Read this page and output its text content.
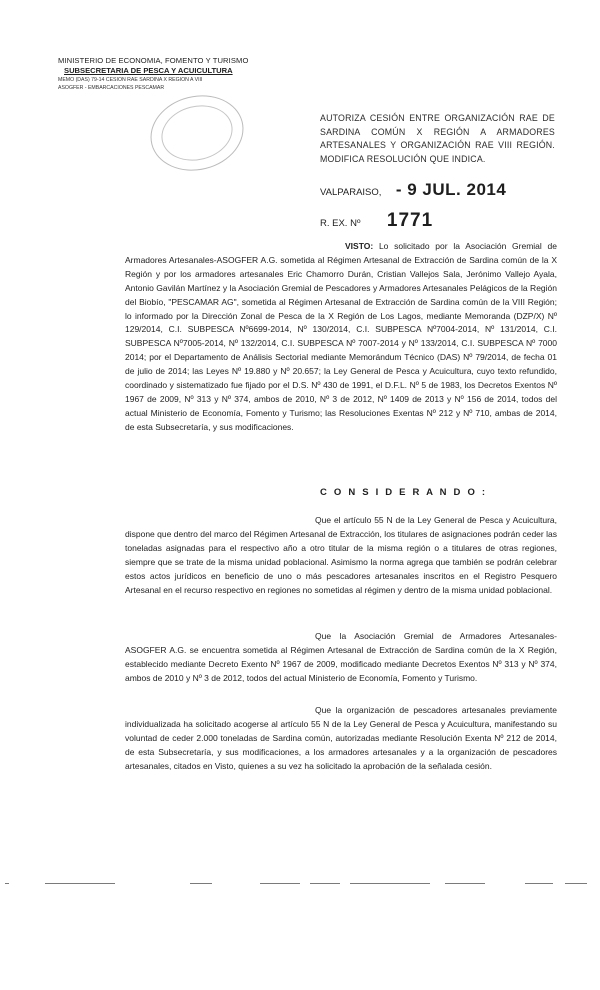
MINISTERIO DE ECONOMIA, FOMENTO Y TURISMO
SUBSECRETARIA DE PESCA Y ACUICULTURA
MEMO (DAS) 79-14 CESION RAE SARDINA X REGION A VIII
ASOGFER - EMBARCACIONES PESCAMAR
AUTORIZA CESIÓN ENTRE ORGANIZACIÓN RAE DE SARDINA COMÚN X REGIÓN A ARMADORES ARTESANALES Y ORGANIZACIÓN RAE VIII REGIÓN. MODIFICA RESOLUCIÓN QUE INDICA.
VALPARAISO, - 9 JUL. 2014
R. EX. Nº 1771
VISTO: Lo solicitado por la Asociación Gremial de Armadores Artesanales-ASOGFER A.G. sometida al Régimen Artesanal de Extracción de Sardina común de la X Región y por los armadores artesanales Eric Chamorro Durán, Cristian Vallejos Sala, Jerónimo Vallejo Ayala, Antonio Gavilán Martínez y la Asociación Gremial de Pescadores y Armadores Artesanales Pelágicos de la Región del Biobío, "PESCAMAR AG", sometida al Régimen Artesanal de Extracción de Sardina común de la VIII Región; lo informado por la Dirección Zonal de Pesca de la X Región de Los Lagos, mediante Memoranda (DZP/X) Nº 129/2014, C.I. SUBPESCA Nº6699-2014, Nº 130/2014, C.I. SUBPESCA Nº7004-2014, Nº 131/2014, C.I. SUBPESCA Nº7005-2014, Nº 132/2014, C.I. SUBPESCA Nº 7007-2014 y Nº 133/2014, C.I. SUBPESCA Nº 7000 2014; por el Departamento de Análisis Sectorial mediante Memorándum Técnico (DAS) Nº 79/2014, de fecha 01 de julio de 2014; las Leyes Nº 19.880 y Nº 20.657; la Ley General de Pesca y Acuicultura, cuyo texto refundido, coordinado y sistematizado fue fijado por el D.S. Nº 430 de 1991, el D.F.L. Nº 5 de 1983, los Decretos Exentos Nº 1967 de 2009, Nº 313 y Nº 374, ambos de 2010, Nº 3 de 2012, Nº 1409 de 2013 y Nº 156 de 2014, todos del actual Ministerio de Economía, Fomento y Turismo; las Resoluciones Exentas Nº 212 y Nº 710, ambas de 2014, de esta Subsecretaría, y sus modificaciones.
C O N S I D E R A N D O :
Que el artículo 55 N de la Ley General de Pesca y Acuicultura, dispone que dentro del marco del Régimen Artesanal de Extracción, los titulares de asignaciones podrán ceder las toneladas asignadas para el respectivo año a otro titular de la misma región o a titulares de otras regiones, siempre que se trate de la misma unidad poblacional. Asimismo la norma agrega que también se podrán celebrar estos actos jurídicos en beneficio de uno o más pescadores artesanales inscritos en el Registro Pesquero Artesanal en el recurso respectivo en regiones no sometidas al régimen y dentro de la misma unidad poblacional.
Que la Asociación Gremial de Armadores Artesanales-ASOGFER A.G. se encuentra sometida al Régimen Artesanal de Extracción de Sardina común de la X Región, establecido mediante Decreto Exento Nº 1967 de 2009, modificado mediante Decretos Exentos Nº 313 y Nº 374, ambos de 2010 y Nº 3 de 2012, todos del actual Ministerio de Economía, Fomento y Turismo.
Que la organización de pescadores artesanales previamente individualizada ha solicitado acogerse al artículo 55 N de la Ley General de Pesca y Acuicultura, manifestando su voluntad de ceder 2.000 toneladas de Sardina común, autorizadas mediante Resolución Exenta Nº 212 de 2014, de esta Subsecretaría, y sus modificaciones, a los armadores artesanales y a la organización de pescadores artesanales, citados en Visto, quienes a su vez ha solicitado la aprobación de la señalada cesión.
